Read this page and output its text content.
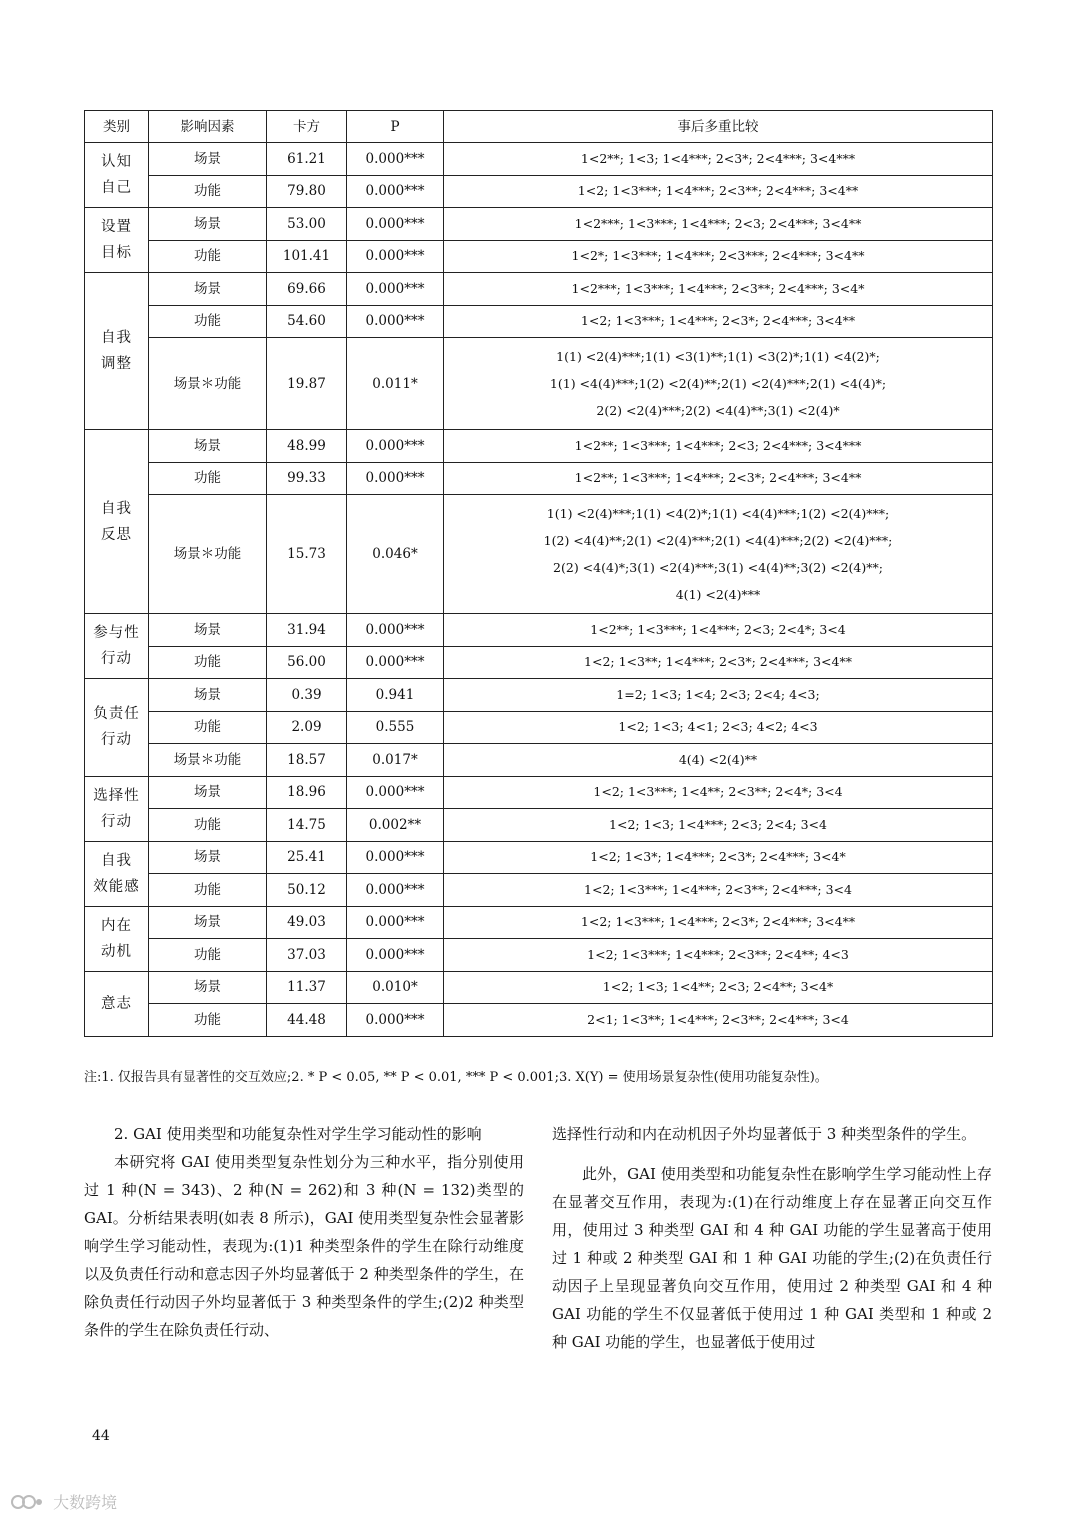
类别	影响因素	卡方	P	事后多重比较

认知
自己	场景	61.21	0.000***	1<2**; 1<3; 1<4***; 2<3*; 2<4***; 3<4***

	功能	79.80	0.000***	1<2; 1<3***; 1<4***; 2<3**; 2<4***; 3<4**

设置
目标	场景	53.00	0.000***	1<2***; 1<3***; 1<4***; 2<3; 2<4***; 3<4**

	功能	101.41	0.000***	1<2*; 1<3***; 1<4***; 2<3***; 2<4***; 3<4**

自我
调整	场景	69.66	0.000***	1<2***; 1<3***; 1<4***; 2<3**; 2<4***; 3<4*

	功能	54.60	0.000***	1<2; 1<3***; 1<4***; 2<3*; 2<4***; 3<4**

	场景＊功能	19.87	0.011*	1(1) <2(4)***;1(1) <3(1)**;1(1) <3(2)*;1(1) <4(2)*;
1(1) <4(4)***;1(2) <2(4)**;2(1) <2(4)***;2(1) <4(4)*;
2(2) <2(4)***;2(2) <4(4)**;3(1) <2(4)*

自我
反思	场景	48.99	0.000***	1<2**; 1<3***; 1<4***; 2<3; 2<4***; 3<4***

	功能	99.33	0.000***	1<2**; 1<3***; 1<4***; 2<3*; 2<4***; 3<4**

	场景＊功能	15.73	0.046*	1(1) <2(4)***;1(1) <4(2)*;1(1) <4(4)***;1(2) <2(4)***;
1(2) <4(4)**;2(1) <2(4)***;2(1) <4(4)***;2(2) <2(4)***;
2(2) <4(4)*;3(1) <2(4)***;3(1) <4(4)**;3(2) <2(4)**;
4(1) <2(4)***

参与性
行动	场景	31.94	0.000***	1<2**; 1<3***; 1<4***; 2<3; 2<4*; 3<4

	功能	56.00	0.000***	1<2; 1<3**; 1<4***; 2<3*; 2<4***; 3<4**

负责任
行动	场景	0.39	0.941	1=2; 1<3; 1<4; 2<3; 2<4; 4<3;

	功能	2.09	0.555	1<2; 1<3; 4<1; 2<3; 4<2; 4<3

	场景＊功能	18.57	0.017*	4(4) <2(4)**

选择性
行动	场景	18.96	0.000***	1<2; 1<3***; 1<4**; 2<3**; 2<4*; 3<4

	功能	14.75	0.002**	1<2; 1<3; 1<4***; 2<3; 2<4; 3<4

自我
效能感	场景	25.41	0.000***	1<2; 1<3*; 1<4***; 2<3*; 2<4***; 3<4*

	功能	50.12	0.000***	1<2; 1<3***; 1<4***; 2<3**; 2<4***; 3<4

内在
动机	场景	49.03	0.000***	1<2; 1<3***; 1<4***; 2<3*; 2<4***; 3<4**

	功能	37.03	0.000***	1<2; 1<3***; 1<4***; 2<3**; 2<4**; 4<3

意志	场景	11.37	0.010*	1<2; 1<3; 1<4**; 2<3; 2<4**; 3<4*

	功能	44.48	0.000***	2<1; 1<3**; 1<4***; 2<3**; 2<4***; 3<4
注:1. 仅报告具有显著性的交互效应;2. * P < 0.05, ** P < 0.01, *** P < 0.001;3. X(Y) = 使用场景复杂性(使用功能复杂性)。

2. GAI 使用类型和功能复杂性对学生学习能动性的影响

本研究将 GAI 使用类型复杂性划分为三种水平，指分别使用过 1 种(N = 343)、2 种(N = 262)和 3 种(N = 132)类型的 GAI。分析结果表明(如表 8 所示)，GAI 使用类型复杂性会显著影响学生学习能动性，表现为:(1)1 种类型条件的学生在除行动维度以及负责任行动和意志因子外均显著低于 2 种类型条件的学生，在除负责任行动因子外均显著低于 3 种类型条件的学生;(2)2 种类型条件的学生在除负责任行动、

选择性行动和内在动机因子外均显著低于 3 种类型条件的学生。

此外，GAI 使用类型和功能复杂性在影响学生学习能动性上存在显著交互作用，表现为:(1)在行动维度上存在显著正向交互作用，使用过 3 种类型 GAI 和 4 种 GAI 功能的学生显著高于使用过 1 种或 2 种类型 GAI 和 1 种 GAI 功能的学生;(2)在负责任行动因子上呈现显著负向交互作用，使用过 2 种类型 GAI 和 4 种 GAI 功能的学生不仅显著低于使用过 1 种 GAI 类型和 1 种或 2 种 GAI 功能的学生，也显著低于使用过

44
大数跨境
